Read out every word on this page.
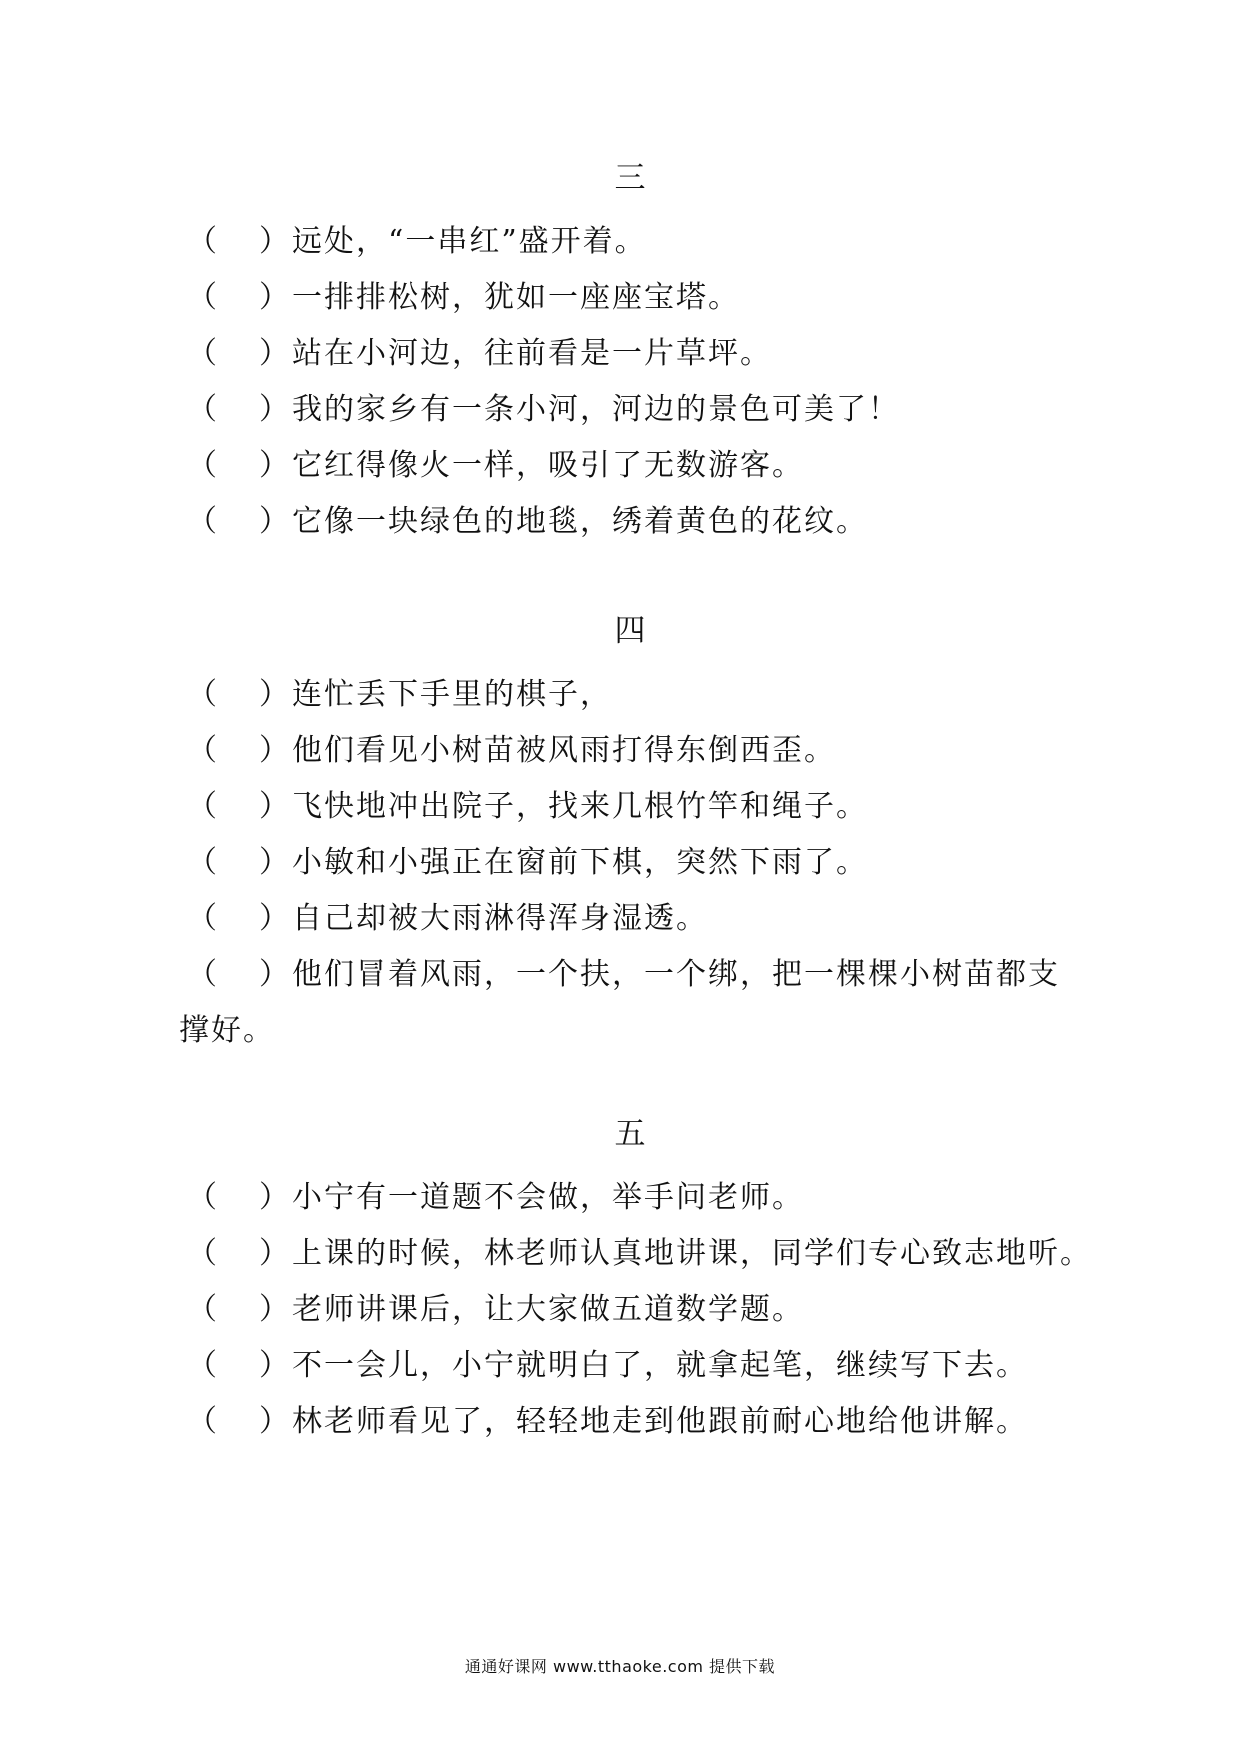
三
（ ） 远处，“一串红”盛开着。
（ ） 一排排松树，犹如一座座宝塔。
（ ） 站在小河边，往前看是一片草坪。
（ ） 我的家乡有一条小河，河边的景色可美了！
（ ） 它红得像火一样，吸引了无数游客。
（ ） 它像一块绿色的地毯，绣着黄色的花纹。
四
（ ） 连忙丢下手里的棋子，
（ ） 他们看见小树苗被风雨打得东倒西歪。
（ ） 飞快地冲出院子，找来几根竹竿和绳子。
（ ） 小敏和小强正在窗前下棋，突然下雨了。
（ ） 自己却被大雨淋得浑身湿透。
（ ） 他们冒着风雨，一个扶，一个绑，把一棵棵小树苗都支
撑好。
五
（ ） 小宁有一道题不会做，举手问老师。
（ ） 上课的时候，林老师认真地讲课，同学们专心致志地听。
（ ） 老师讲课后，让大家做五道数学题。
（ ） 不一会儿，小宁就明白了，就拿起笔，继续写下去。
（ ） 林老师看见了，轻轻地走到他跟前耐心地给他讲解。
通通好课网 www.tthaoke.com 提供下载
